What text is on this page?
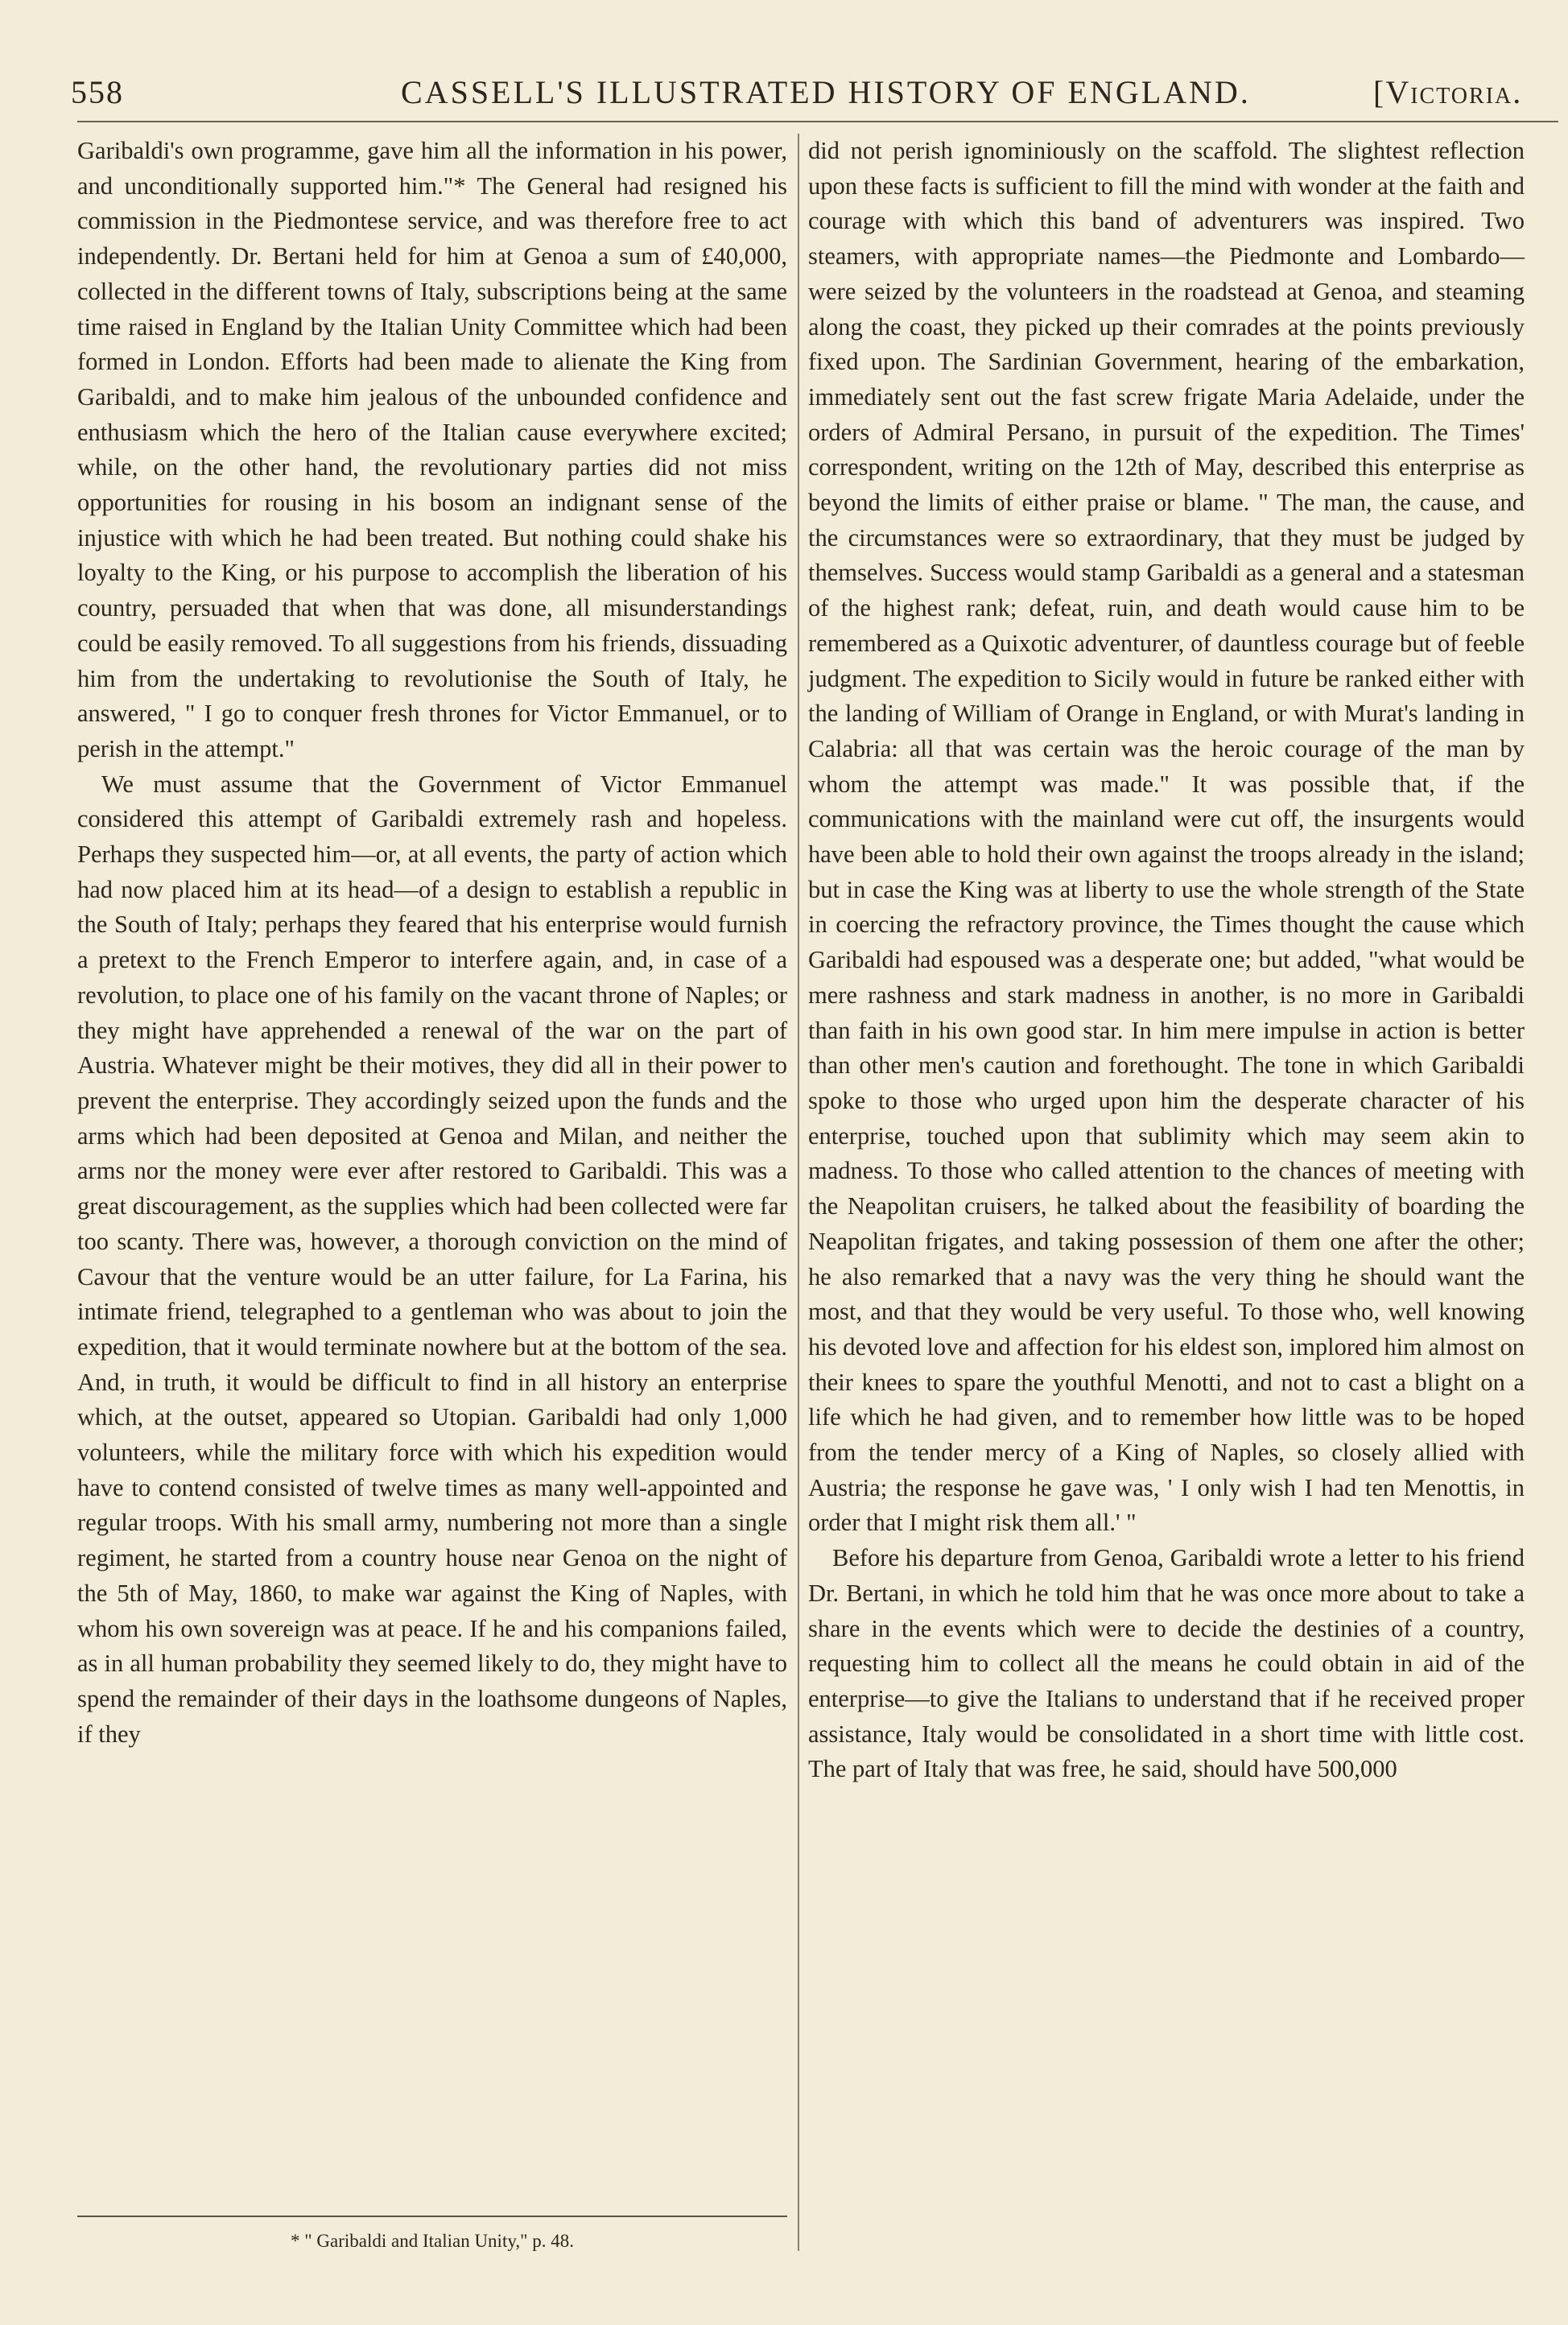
558	CASSELL'S ILLUSTRATED HISTORY OF ENGLAND.	[Victoria.

Garibaldi's own programme, gave him all the information in his power, and unconditionally supported him."* The General had resigned his commission in the Piedmontese service, and was therefore free to act independently. Dr. Bertani held for him at Genoa a sum of £40,000, collected in the different towns of Italy, subscriptions being at the same time raised in England by the Italian Unity Committee which had been formed in London. Efforts had been made to alienate the King from Garibaldi, and to make him jealous of the unbounded confidence and enthusiasm which the hero of the Italian cause everywhere excited; while, on the other hand, the revolutionary parties did not miss opportunities for rousing in his bosom an indignant sense of the injustice with which he had been treated. But nothing could shake his loyalty to the King, or his purpose to accomplish the liberation of his country, persuaded that when that was done, all misunderstandings could be easily removed. To all suggestions from his friends, dissuading him from the undertaking to revolutionise the South of Italy, he answered, " I go to conquer fresh thrones for Victor Emmanuel, or to perish in the attempt."

We must assume that the Government of Victor Emmanuel considered this attempt of Garibaldi extremely rash and hopeless. Perhaps they suspected him—or, at all events, the party of action which had now placed him at its head—of a design to establish a republic in the South of Italy; perhaps they feared that his enterprise would furnish a pretext to the French Emperor to interfere again, and, in case of a revolution, to place one of his family on the vacant throne of Naples; or they might have apprehended a renewal of the war on the part of Austria. Whatever might be their motives, they did all in their power to prevent the enterprise. They accordingly seized upon the funds and the arms which had been deposited at Genoa and Milan, and neither the arms nor the money were ever after restored to Garibaldi. This was a great discouragement, as the supplies which had been collected were far too scanty. There was, however, a thorough conviction on the mind of Cavour that the venture would be an utter failure, for La Farina, his intimate friend, telegraphed to a gentleman who was about to join the expedition, that it would terminate nowhere but at the bottom of the sea. And, in truth, it would be difficult to find in all history an enterprise which, at the outset, appeared so Utopian. Garibaldi had only 1,000 volunteers, while the military force with which his expedition would have to contend consisted of twelve times as many well-appointed and regular troops. With his small army, numbering not more than a single regiment, he started from a country house near Genoa on the night of the 5th of May, 1860, to make war against the King of Naples, with whom his own sovereign was at peace. If he and his companions failed, as in all human probability they seemed likely to do, they might have to spend the remainder of their days in the loathsome dungeons of Naples, if they

did not perish ignominiously on the scaffold. The slightest reflection upon these facts is sufficient to fill the mind with wonder at the faith and courage with which this band of adventurers was inspired. Two steamers, with appropriate names—the Piedmonte and Lombardo—were seized by the volunteers in the roadstead at Genoa, and steaming along the coast, they picked up their comrades at the points previously fixed upon. The Sardinian Government, hearing of the embarkation, immediately sent out the fast screw frigate Maria Adelaide, under the orders of Admiral Persano, in pursuit of the expedition. The Times' correspondent, writing on the 12th of May, described this enterprise as beyond the limits of either praise or blame. " The man, the cause, and the circumstances were so extraordinary, that they must be judged by themselves. Success would stamp Garibaldi as a general and a statesman of the highest rank; defeat, ruin, and death would cause him to be remembered as a Quixotic adventurer, of dauntless courage but of feeble judgment. The expedition to Sicily would in future be ranked either with the landing of William of Orange in England, or with Murat's landing in Calabria: all that was certain was the heroic courage of the man by whom the attempt was made." It was possible that, if the communications with the mainland were cut off, the insurgents would have been able to hold their own against the troops already in the island; but in case the King was at liberty to use the whole strength of the State in coercing the refractory province, the Times thought the cause which Garibaldi had espoused was a desperate one; but added, "what would be mere rashness and stark madness in another, is no more in Garibaldi than faith in his own good star. In him mere impulse in action is better than other men's caution and forethought. The tone in which Garibaldi spoke to those who urged upon him the desperate character of his enterprise, touched upon that sublimity which may seem akin to madness. To those who called attention to the chances of meeting with the Neapolitan cruisers, he talked about the feasibility of boarding the Neapolitan frigates, and taking possession of them one after the other; he also remarked that a navy was the very thing he should want the most, and that they would be very useful. To those who, well knowing his devoted love and affection for his eldest son, implored him almost on their knees to spare the youthful Menotti, and not to cast a blight on a life which he had given, and to remember how little was to be hoped from the tender mercy of a King of Naples, so closely allied with Austria; the response he gave was, ' I only wish I had ten Menottis, in order that I might risk them all.' "

Before his departure from Genoa, Garibaldi wrote a letter to his friend Dr. Bertani, in which he told him that he was once more about to take a share in the events which were to decide the destinies of a country, requesting him to collect all the means he could obtain in aid of the enterprise—to give the Italians to understand that if he received proper assistance, Italy would be consolidated in a short time with little cost. The part of Italy that was free, he said, should have 500,000

* " Garibaldi and Italian Unity," p. 48.
